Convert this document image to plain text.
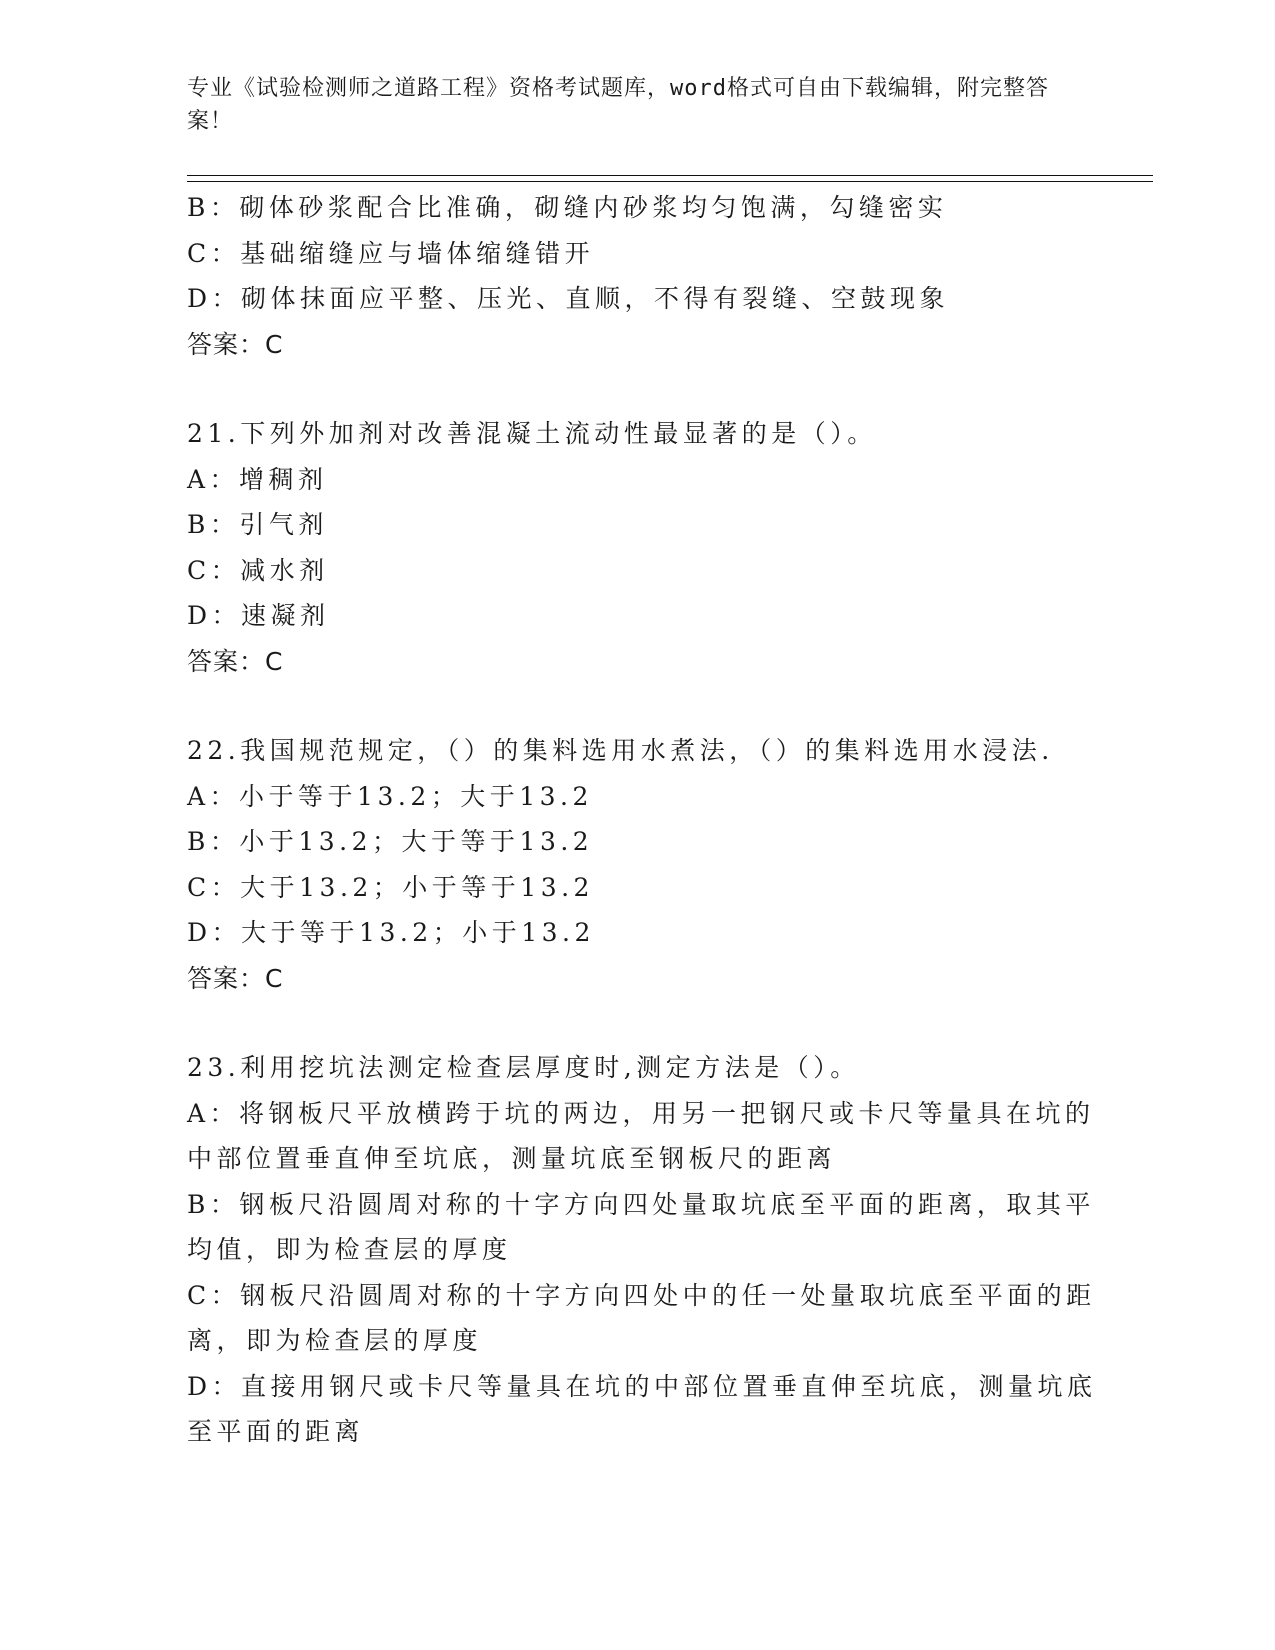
专业《试验检测师之道路工程》资格考试题库，word格式可自由下载编辑，附完整答案！
B：砌体砂浆配合比准确，砌缝内砂浆均匀饱满，勾缝密实
C：基础缩缝应与墙体缩缝错开
D：砌体抹面应平整、压光、直顺，不得有裂缝、空鼓现象
答案：C
21.下列外加剂对改善混凝土流动性最显著的是（）。
A：增稠剂
B：引气剂
C：减水剂
D：速凝剂
答案：C
22.我国规范规定，（）的集料选用水煮法，（）的集料选用水浸法.
A：小于等于13.2；大于13.2
B：小于13.2；大于等于13.2
C：大于13.2；小于等于13.2
D：大于等于13.2；小于13.2
答案：C
23.利用挖坑法测定检查层厚度时,测定方法是（）。
A：将钢板尺平放横跨于坑的两边，用另一把钢尺或卡尺等量具在坑的
中部位置垂直伸至坑底，测量坑底至钢板尺的距离
B：钢板尺沿圆周对称的十字方向四处量取坑底至平面的距离，取其平
均值，即为检查层的厚度
C：钢板尺沿圆周对称的十字方向四处中的任一处量取坑底至平面的距
离，即为检查层的厚度
D：直接用钢尺或卡尺等量具在坑的中部位置垂直伸至坑底，测量坑底
至平面的距离
